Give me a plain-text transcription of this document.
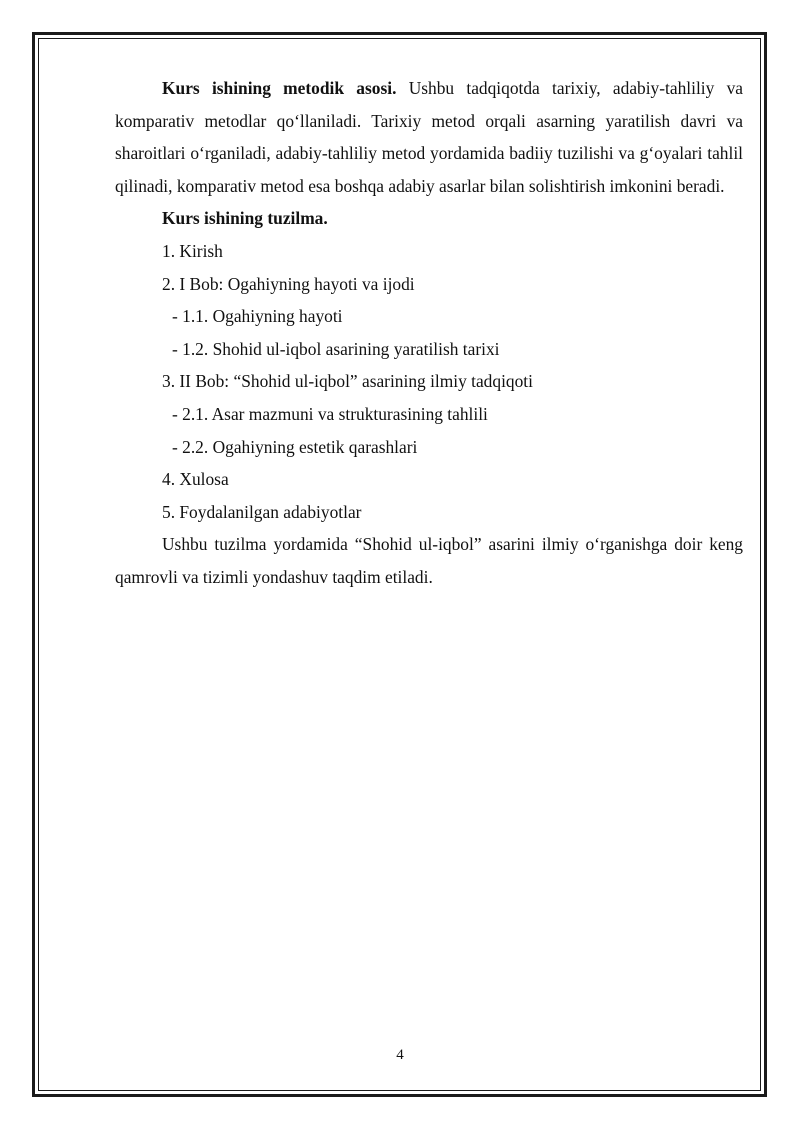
Kurs ishining metodik asosi. Ushbu tadqiqotda tarixiy, adabiy-tahliliy va komparativ metodlar qo‘llaniladi. Tarixiy metod orqali asarning yaratilish davri va sharoitlari o‘rganiladi, adabiy-tahliliy metod yordamida badiiy tuzilishi va g‘oyalari tahlil qilinadi, komparativ metod esa boshqa adabiy asarlar bilan solishtirish imkonini beradi.

Kurs ishining tuzilma.

1. Kirish

2. I Bob: Ogahiyning hayoti va ijodi

- 1.1. Ogahiyning hayoti

- 1.2. Shohid ul-iqbol asarining yaratilish tarixi

3. II Bob: “Shohid ul-iqbol” asarining ilmiy tadqiqoti

- 2.1. Asar mazmuni va strukturasining tahlili

- 2.2. Ogahiyning estetik qarashlari

4. Xulosa

5. Foydalanilgan adabiyotlar

Ushbu tuzilma yordamida “Shohid ul-iqbol” asarini ilmiy o‘rganishga doir keng qamrovli va tizimli yondashuv taqdim etiladi.

4
